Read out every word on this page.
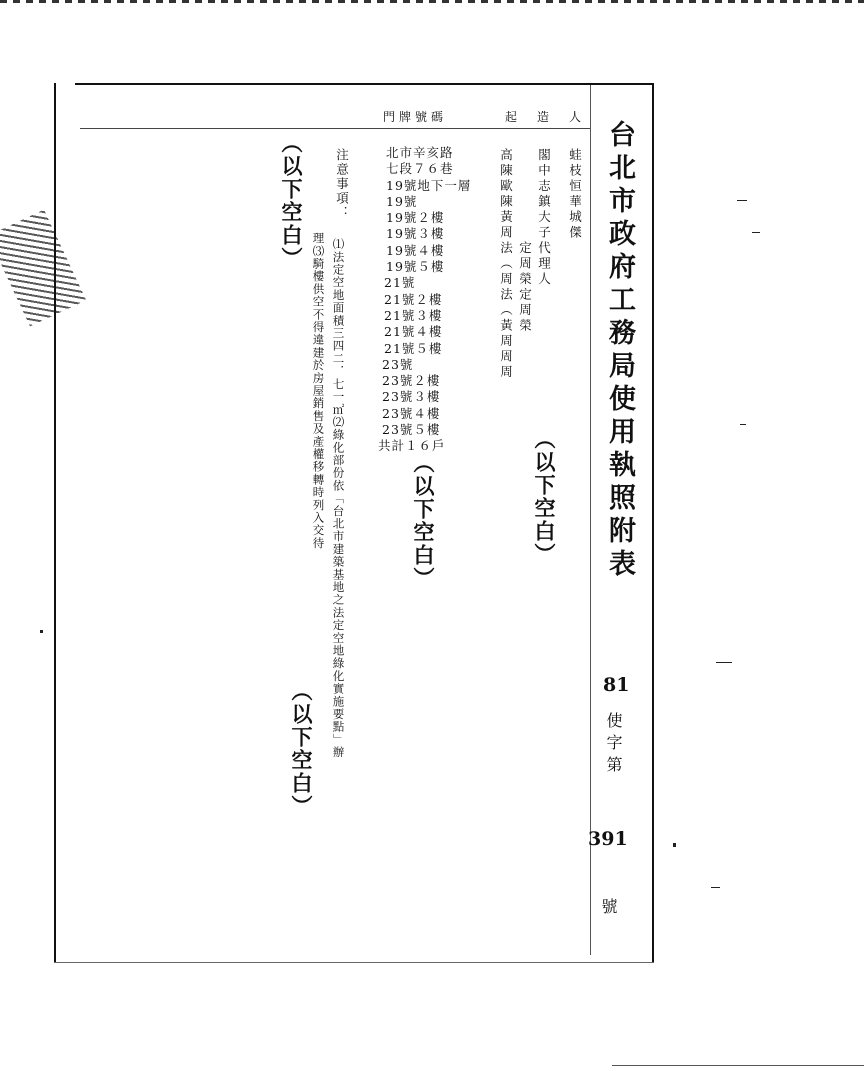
台北市政府工務局使用執照附表
81
使字第
391
號
起　造　人
門牌號碼
蛙枝恒華城傑
閣中志鎮大子代理人
高陳歐陳黃周法（周法（黃周周周 　　　　　　定周榮定周榮
北市辛亥路
七段７６巷
19號地下一層
19號
19號２樓
19號３樓
19號４樓
19號５樓
21號
21號２樓
21號３樓
21號４樓
21號５樓
23號
23號２樓
23號３樓
23號４樓
23號５樓
共計１６戶
注意事項：
⑴法定空地面積三四二．七一㎡⑵綠化部份依「台北市建築基地之法定空地綠化實施要點」辦
理⑶騎樓供空不得違建於房屋銷售及產權移轉時列入交待
（以下空白）
（以下空白）
（以下空白）	（以下空白）
